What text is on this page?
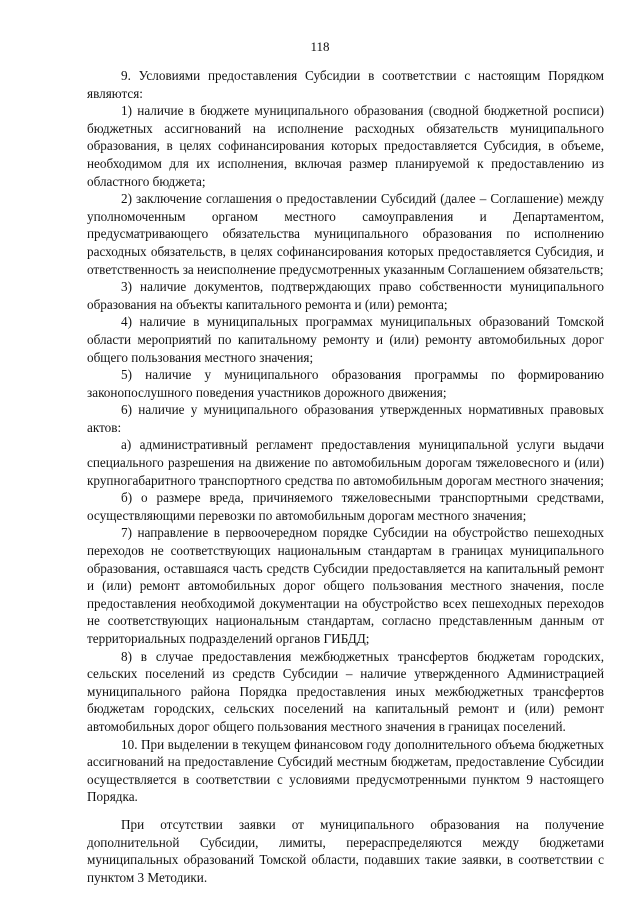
118

9. Условиями предоставления Субсидии в соответствии с настоящим Порядком являются:

1) наличие в бюджете муниципального образования (сводной бюджетной росписи) бюджетных ассигнований на исполнение расходных обязательств муниципального образования, в целях софинансирования которых предоставляется Субсидия, в объеме, необходимом для их исполнения, включая размер планируемой к предоставлению из областного бюджета;

2) заключение соглашения о предоставлении Субсидий (далее – Соглашение) между уполномоченным органом местного самоуправления и Департаментом, предусматривающего обязательства муниципального образования по исполнению расходных обязательств, в целях софинансирования которых предоставляется Субсидия, и ответственность за неисполнение предусмотренных указанным Соглашением обязательств;

3) наличие документов, подтверждающих право собственности муниципального образования на объекты капитального ремонта и (или) ремонта;

4) наличие в муниципальных программах муниципальных образований Томской области мероприятий по капитальному ремонту и (или) ремонту автомобильных дорог общего пользования местного значения;

5) наличие у муниципального образования программы по формированию законопослушного поведения участников дорожного движения;

6) наличие у муниципального образования утвержденных нормативных правовых актов:

а) административный регламент предоставления муниципальной услуги выдачи специального разрешения на движение по автомобильным дорогам тяжеловесного и (или) крупногабаритного транспортного средства по автомобильным дорогам местного значения;

б) о размере вреда, причиняемого тяжеловесными транспортными средствами, осуществляющими перевозки по автомобильным дорогам местного значения;

7) направление в первоочередном порядке Субсидии на обустройство пешеходных переходов не соответствующих национальным стандартам в границах муниципального образования, оставшаяся часть средств Субсидии предоставляется на капитальный ремонт и (или) ремонт автомобильных дорог общего пользования местного значения, после предоставления необходимой документации на обустройство всех пешеходных переходов не соответствующих национальным стандартам, согласно представленным данным от территориальных подразделений органов ГИБДД;

8) в случае предоставления межбюджетных трансфертов бюджетам городских, сельских поселений из средств Субсидии – наличие утвержденного Администрацией муниципального района Порядка предоставления иных межбюджетных трансфертов бюджетам городских, сельских поселений на капитальный ремонт и (или) ремонт автомобильных дорог общего пользования местного значения в границах поселений.

10. При выделении в текущем финансовом году дополнительного объема бюджетных ассигнований на предоставление Субсидий местным бюджетам, предоставление Субсидии осуществляется в соответствии с условиями предусмотренными пунктом 9 настоящего Порядка.

При отсутствии заявки от муниципального образования на получение дополнительной Субсидии, лимиты, перераспределяются между бюджетами муниципальных образований Томской области, подавших такие заявки, в соответствии с пунктом 3 Методики.
